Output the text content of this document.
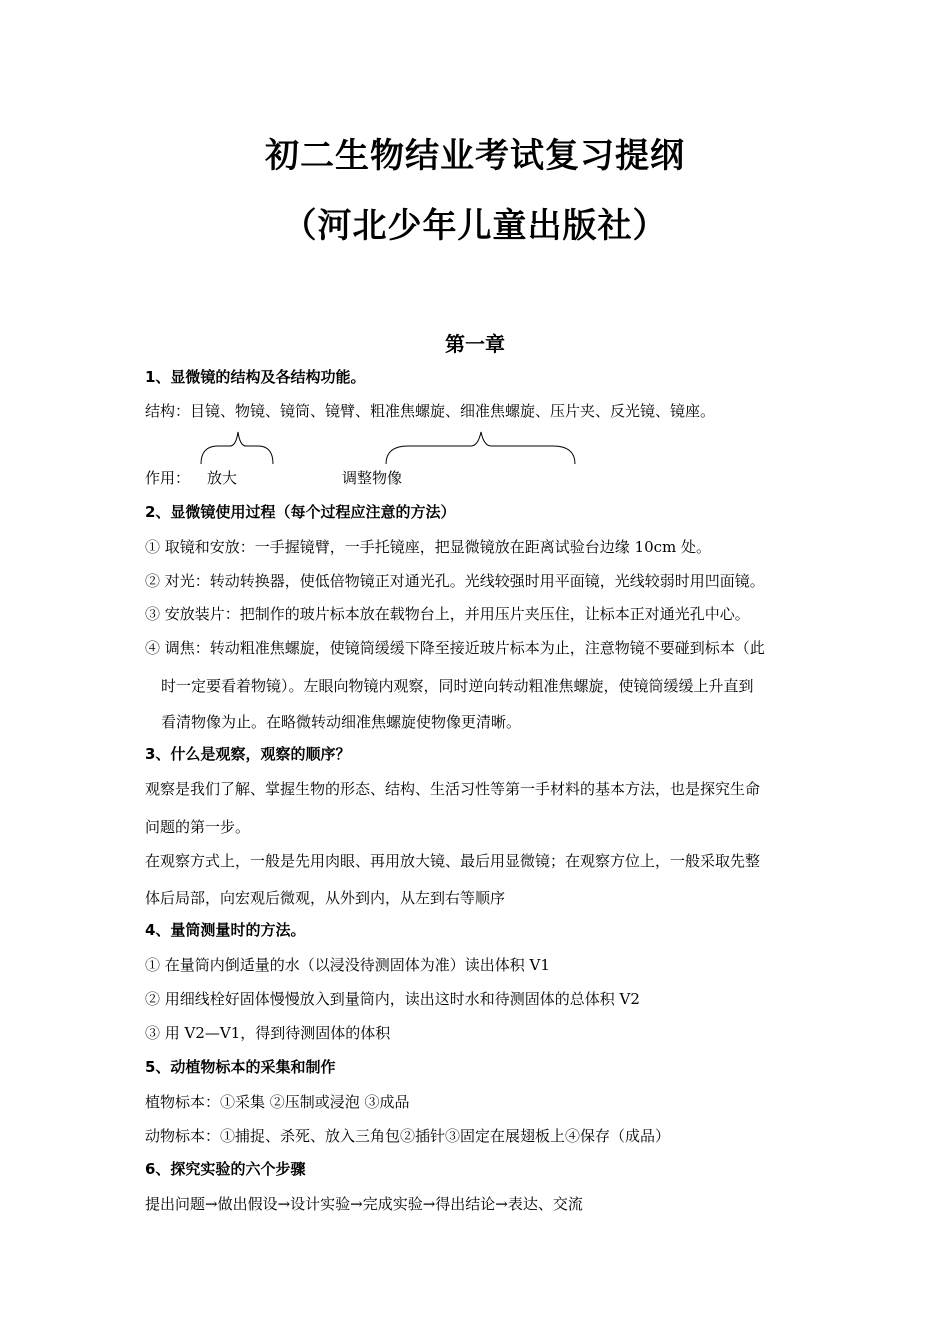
初二生物结业考试复习提纲
（河北少年儿童出版社）
第一章

1、显微镜的结构及各结构功能。

结构：目镜、物镜、镜筒、镜臂、粗准焦螺旋、细准焦螺旋、压片夹、反光镜、镜座。

作用： 放大	调整物像

2、显微镜使用过程（每个过程应注意的方法）

① 取镜和安放：一手握镜臂，一手托镜座，把显微镜放在距离试验台边缘 10cm 处。

② 对光：转动转换器，使低倍物镜正对通光孔。光线较强时用平面镜，光线较弱时用凹面镜。

③ 安放装片：把制作的玻片标本放在载物台上，并用压片夹压住，让标本正对通光孔中心。

④ 调焦：转动粗准焦螺旋，使镜筒缓缓下降至接近玻片标本为止，注意物镜不要碰到标本（此

时一定要看着物镜）。左眼向物镜内观察，同时逆向转动粗准焦螺旋，使镜筒缓缓上升直到

看清物像为止。在略微转动细准焦螺旋使物像更清晰。

3、什么是观察，观察的顺序？

观察是我们了解、掌握生物的形态、结构、生活习性等第一手材料的基本方法，也是探究生命

问题的第一步。

在观察方式上，一般是先用肉眼、再用放大镜、最后用显微镜；在观察方位上，一般采取先整

体后局部，向宏观后微观，从外到内，从左到右等顺序

4、量筒测量时的方法。

① 在量筒内倒适量的水（以浸没待测固体为准）读出体积 V1

② 用细线栓好固体慢慢放入到量筒内，读出这时水和待测固体的总体积 V2

③ 用 V2—V1，得到待测固体的体积

5、动植物标本的采集和制作

植物标本：①采集 ②压制或浸泡 ③成品

动物标本：①捕捉、杀死、放入三角包②插针③固定在展翅板上④保存（成品）

6、探究实验的六个步骤

提出问题→做出假设→设计实验→完成实验→得出结论→表达、交流
